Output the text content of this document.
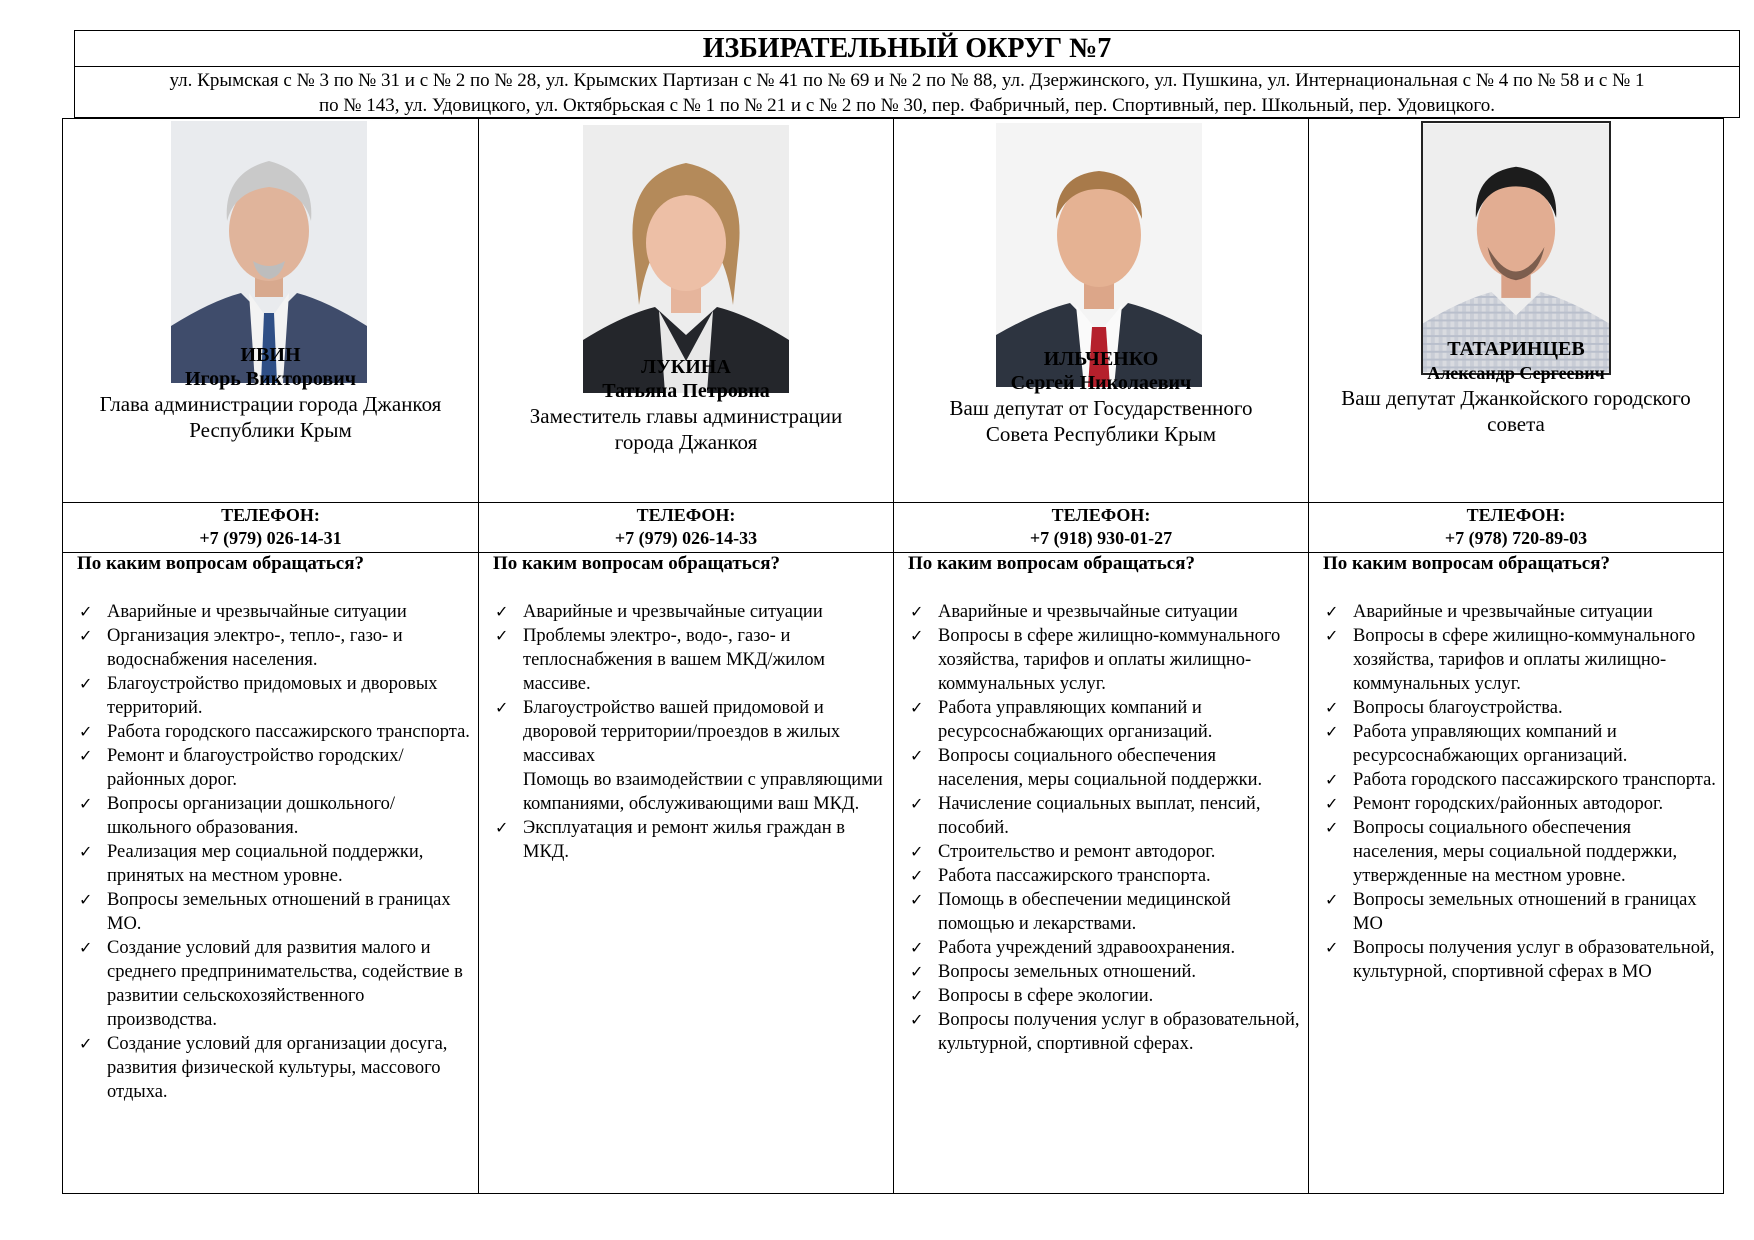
ИЗБИРАТЕЛЬНЫЙ ОКРУГ №7
ул. Крымская с № 3 по № 31 и с № 2 по № 28, ул. Крымских Партизан с № 41 по № 69 и № 2 по № 88, ул. Дзержинского, ул. Пушкина, ул. Интернациональная с № 4 по № 58 и с № 1
по № 143, ул. Удовицкого, ул. Октябрьская с № 1 по № 21 и с № 2 по № 30, пер. Фабричный, пер. Спортивный, пер. Школьный, пер. Удовицкого.
ИВИН
Игорь Викторович
Глава администрации города Джанкоя Республики Крым
ТЕЛЕФОН:
+7 (979) 026-14-31
По каким вопросам обращаться?
✓ Аварийные и чрезвычайные ситуации
✓ Организация электро-, тепло-, газо- и водоснабжения населения.
✓ Благоустройство придомовых и дворовых территорий.
✓ Работа городского пассажирского транспорта.
✓ Ремонт и благоустройство городских/районных дорог.
✓ Вопросы организации дошкольного/школьного образования.
✓ Реализация мер социальной поддержки, принятых на местном уровне.
✓ Вопросы земельных отношений в границах МО.
✓ Создание условий для развития малого и среднего предпринимательства, содействие в развитии сельскохозяйственного производства.
✓ Создание условий для организации досуга, развития физической культуры, массового отдыха.
ЛУКИНА
Татьяна Петровна
Заместитель главы администрации города Джанкоя
ТЕЛЕФОН:
+7 (979) 026-14-33
По каким вопросам обращаться?
✓ Аварийные и чрезвычайные ситуации
✓ Проблемы электро-, водо-, газо- и теплоснабжения в вашем МКД/жилом массиве.
✓ Благоустройство вашей придомовой и дворовой территории/проездов в жилых массивах
Помощь во взаимодействии с управляющими компаниями, обслуживающими ваш МКД.
✓ Эксплуатация и ремонт жилья граждан в МКД.
ИЛЬЧЕНКО
Сергей Николаевич
Ваш депутат от Государственного Совета Республики Крым
ТЕЛЕФОН:
+7 (918) 930-01-27
По каким вопросам обращаться?
✓ Аварийные и чрезвычайные ситуации
✓ Вопросы в сфере жилищно-коммунального хозяйства, тарифов и оплаты жилищно-коммунальных услуг.
✓ Работа управляющих компаний и ресурсоснабжающих организаций.
✓ Вопросы социального обеспечения населения, меры социальной поддержки.
✓ Начисление социальных выплат, пенсий, пособий.
✓ Строительство и ремонт автодорог.
✓ Работа пассажирского транспорта.
✓ Помощь в обеспечении медицинской помощью и лекарствами.
✓ Работа учреждений здравоохранения.
✓ Вопросы земельных отношений.
✓ Вопросы в сфере экологии.
✓ Вопросы получения услуг в образовательной, культурной, спортивной сферах.
ТАТАРИНЦЕВ
Александр Сергеевич
Ваш депутат Джанкойского городского совета
ТЕЛЕФОН:
+7 (978) 720-89-03
По каким вопросам обращаться?
✓ Аварийные и чрезвычайные ситуации
✓ Вопросы в сфере жилищно-коммунального хозяйства, тарифов и оплаты жилищно-коммунальных услуг.
✓ Вопросы благоустройства.
✓ Работа управляющих компаний и ресурсоснабжающих организаций.
✓ Работа городского пассажирского транспорта.
✓ Ремонт городских/районных автодорог.
✓ Вопросы социального обеспечения населения, меры социальной поддержки, утвержденные на местном уровне.
✓ Вопросы земельных отношений в границах МО
✓ Вопросы получения услуг в образовательной, культурной, спортивной сферах в МО
